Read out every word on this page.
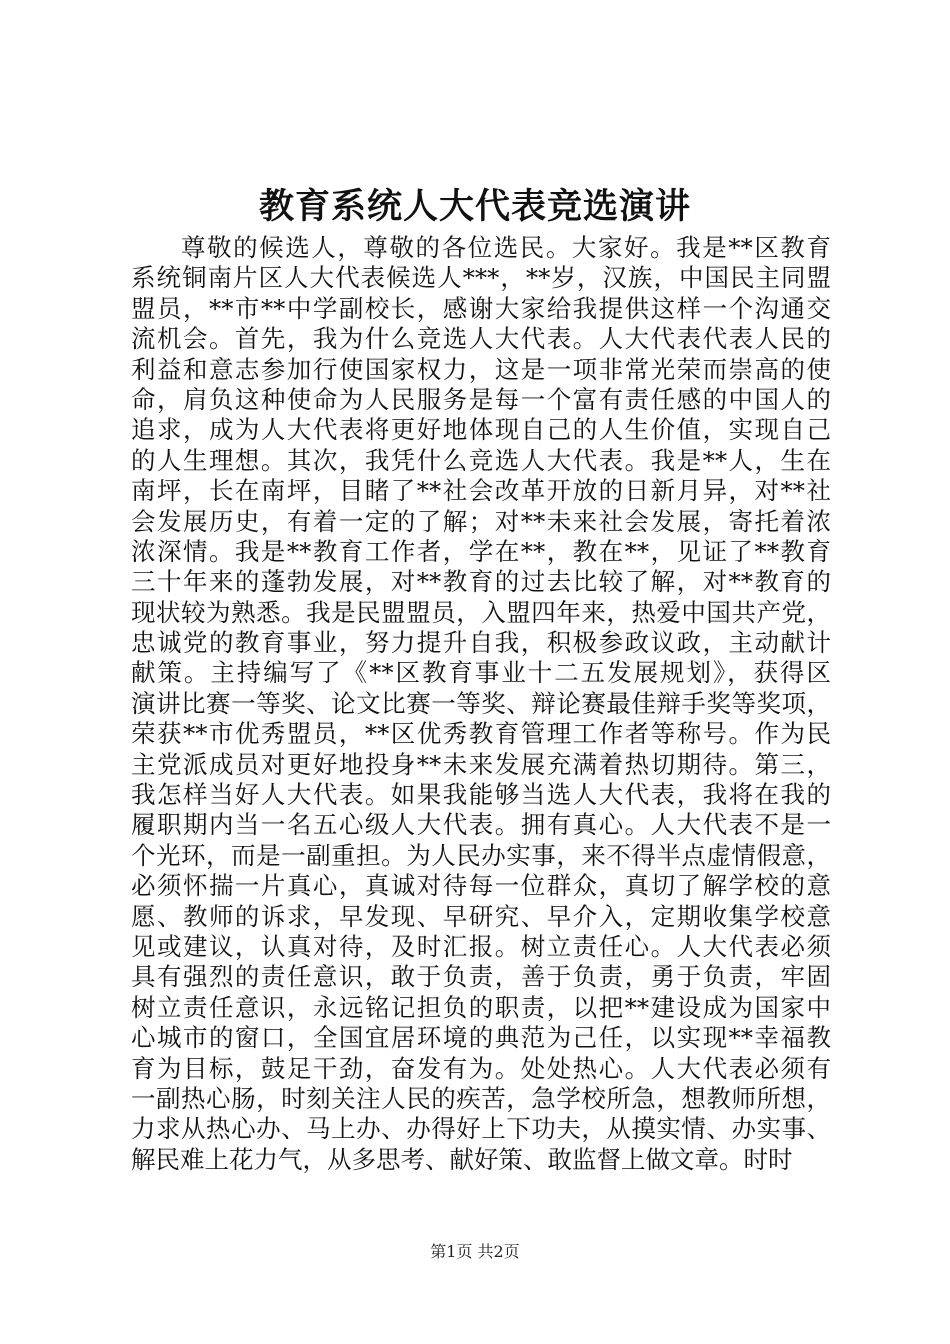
教育系统人大代表竞选演讲
尊敬的候选人，尊敬的各位选民。大家好。我是**区教育
系统铜南片区人大代表候选人***，**岁，汉族，中国民主同盟
盟员，**市**中学副校长，感谢大家给我提供这样一个沟通交
流机会。首先，我为什么竞选人大代表。人大代表代表人民的
利益和意志参加行使国家权力，这是一项非常光荣而崇高的使
命，肩负这种使命为人民服务是每一个富有责任感的中国人的
追求，成为人大代表将更好地体现自己的人生价值，实现自己
的人生理想。其次，我凭什么竞选人大代表。我是**人，生在
南坪，长在南坪，目睹了**社会改革开放的日新月异，对**社
会发展历史，有着一定的了解；对**未来社会发展，寄托着浓
浓深情。我是**教育工作者，学在**，教在**，见证了**教育
三十年来的蓬勃发展，对**教育的过去比较了解，对**教育的
现状较为熟悉。我是民盟盟员，入盟四年来，热爱中国共产党，
忠诚党的教育事业，努力提升自我，积极参政议政，主动献计
献策。主持编写了《**区教育事业十二五发展规划》，获得区
演讲比赛一等奖、论文比赛一等奖、辩论赛最佳辩手奖等奖项，
荣获**市优秀盟员，**区优秀教育管理工作者等称号。作为民
主党派成员对更好地投身**未来发展充满着热切期待。第三，
我怎样当好人大代表。如果我能够当选人大代表，我将在我的
履职期内当一名五心级人大代表。拥有真心。人大代表不是一
个光环，而是一副重担。为人民办实事，来不得半点虚情假意，
必须怀揣一片真心，真诚对待每一位群众，真切了解学校的意
愿、教师的诉求，早发现、早研究、早介入，定期收集学校意
见或建议，认真对待，及时汇报。树立责任心。人大代表必须
具有强烈的责任意识，敢于负责，善于负责，勇于负责，牢固
树立责任意识，永远铭记担负的职责，以把**建设成为国家中
心城市的窗口，全国宜居环境的典范为己任，以实现**幸福教
育为目标，鼓足干劲，奋发有为。处处热心。人大代表必须有
一副热心肠，时刻关注人民的疾苦，急学校所急，想教师所想，
力求从热心办、马上办、办得好上下功夫，从摸实情、办实事、
解民难上花力气，从多思考、献好策、敢监督上做文章。时时
第1页 共2页
